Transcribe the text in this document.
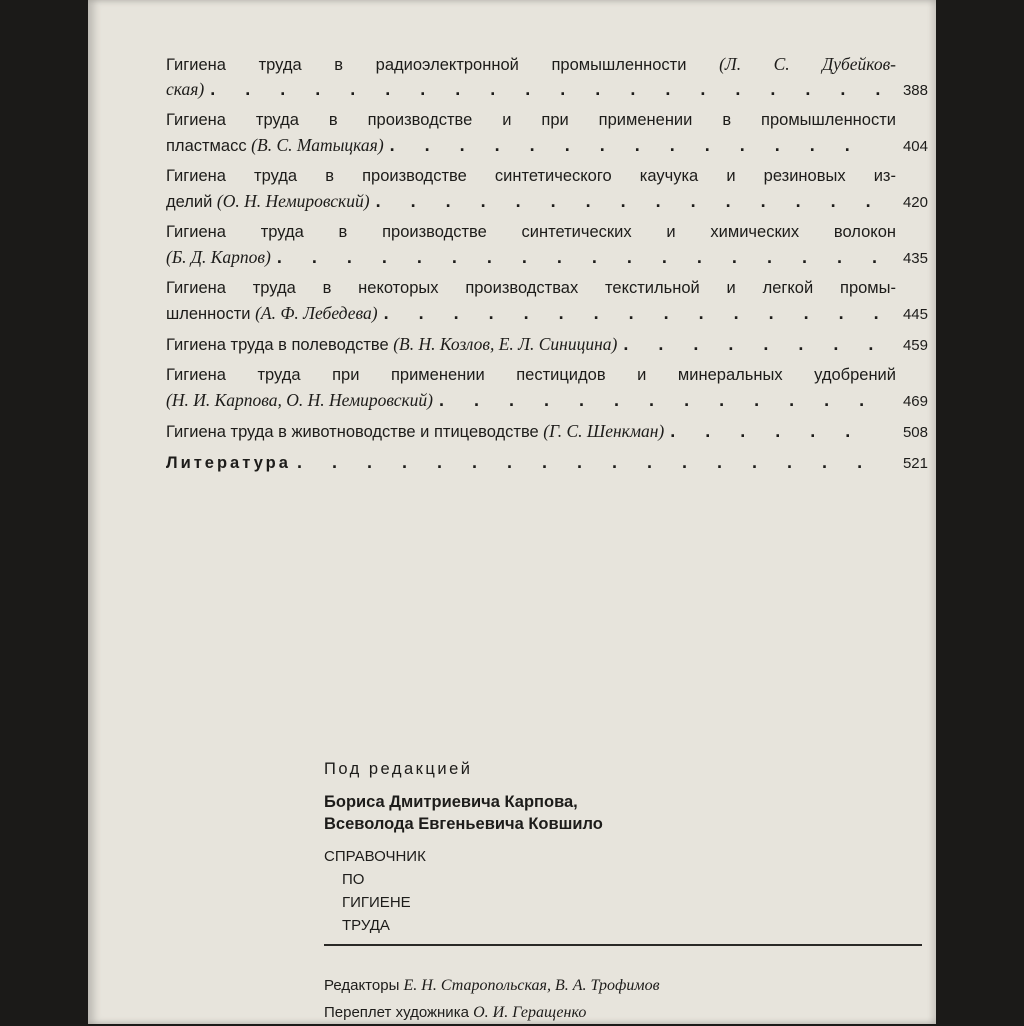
Гигиена труда в радиоэлектронной промышленности (Л. С. Дубейков-
ская) .	388
Гигиена труда в производстве и при применении в промышленности
пластмасс (В. С. Матыцкая) .	404
Гигиена труда в производстве синтетического каучука и резиновых из-
делий (О. Н. Немировский) .	420
Гигиена труда в производстве синтетических и химических волокон
(Б. Д. Карпов) .	435
Гигиена труда в некоторых производствах текстильной и легкой промы-
шленности (А. Ф. Лебедева) .	445
Гигиена труда в полеводстве (В. Н. Козлов, Е. Л. Синицина) .	459
Гигиена труда при применении пестицидов и минеральных удобрений
(Н. И. Карпова, О. Н. Немировский) .	469
Гигиена труда в животноводстве и птицеводстве (Г. С. Шенкман) .	508
Литература .	521
Под редакцией
Бориса Дмитриевича Карпова,
Всеволода Евгеньевича Ковшило
СПРАВОЧНИК
ПО
ГИГИЕНЕ
ТРУДА
Редакторы Е. Н. Старопольская, В. А. Трофимов
Переплет художника О. И. Геращенко
